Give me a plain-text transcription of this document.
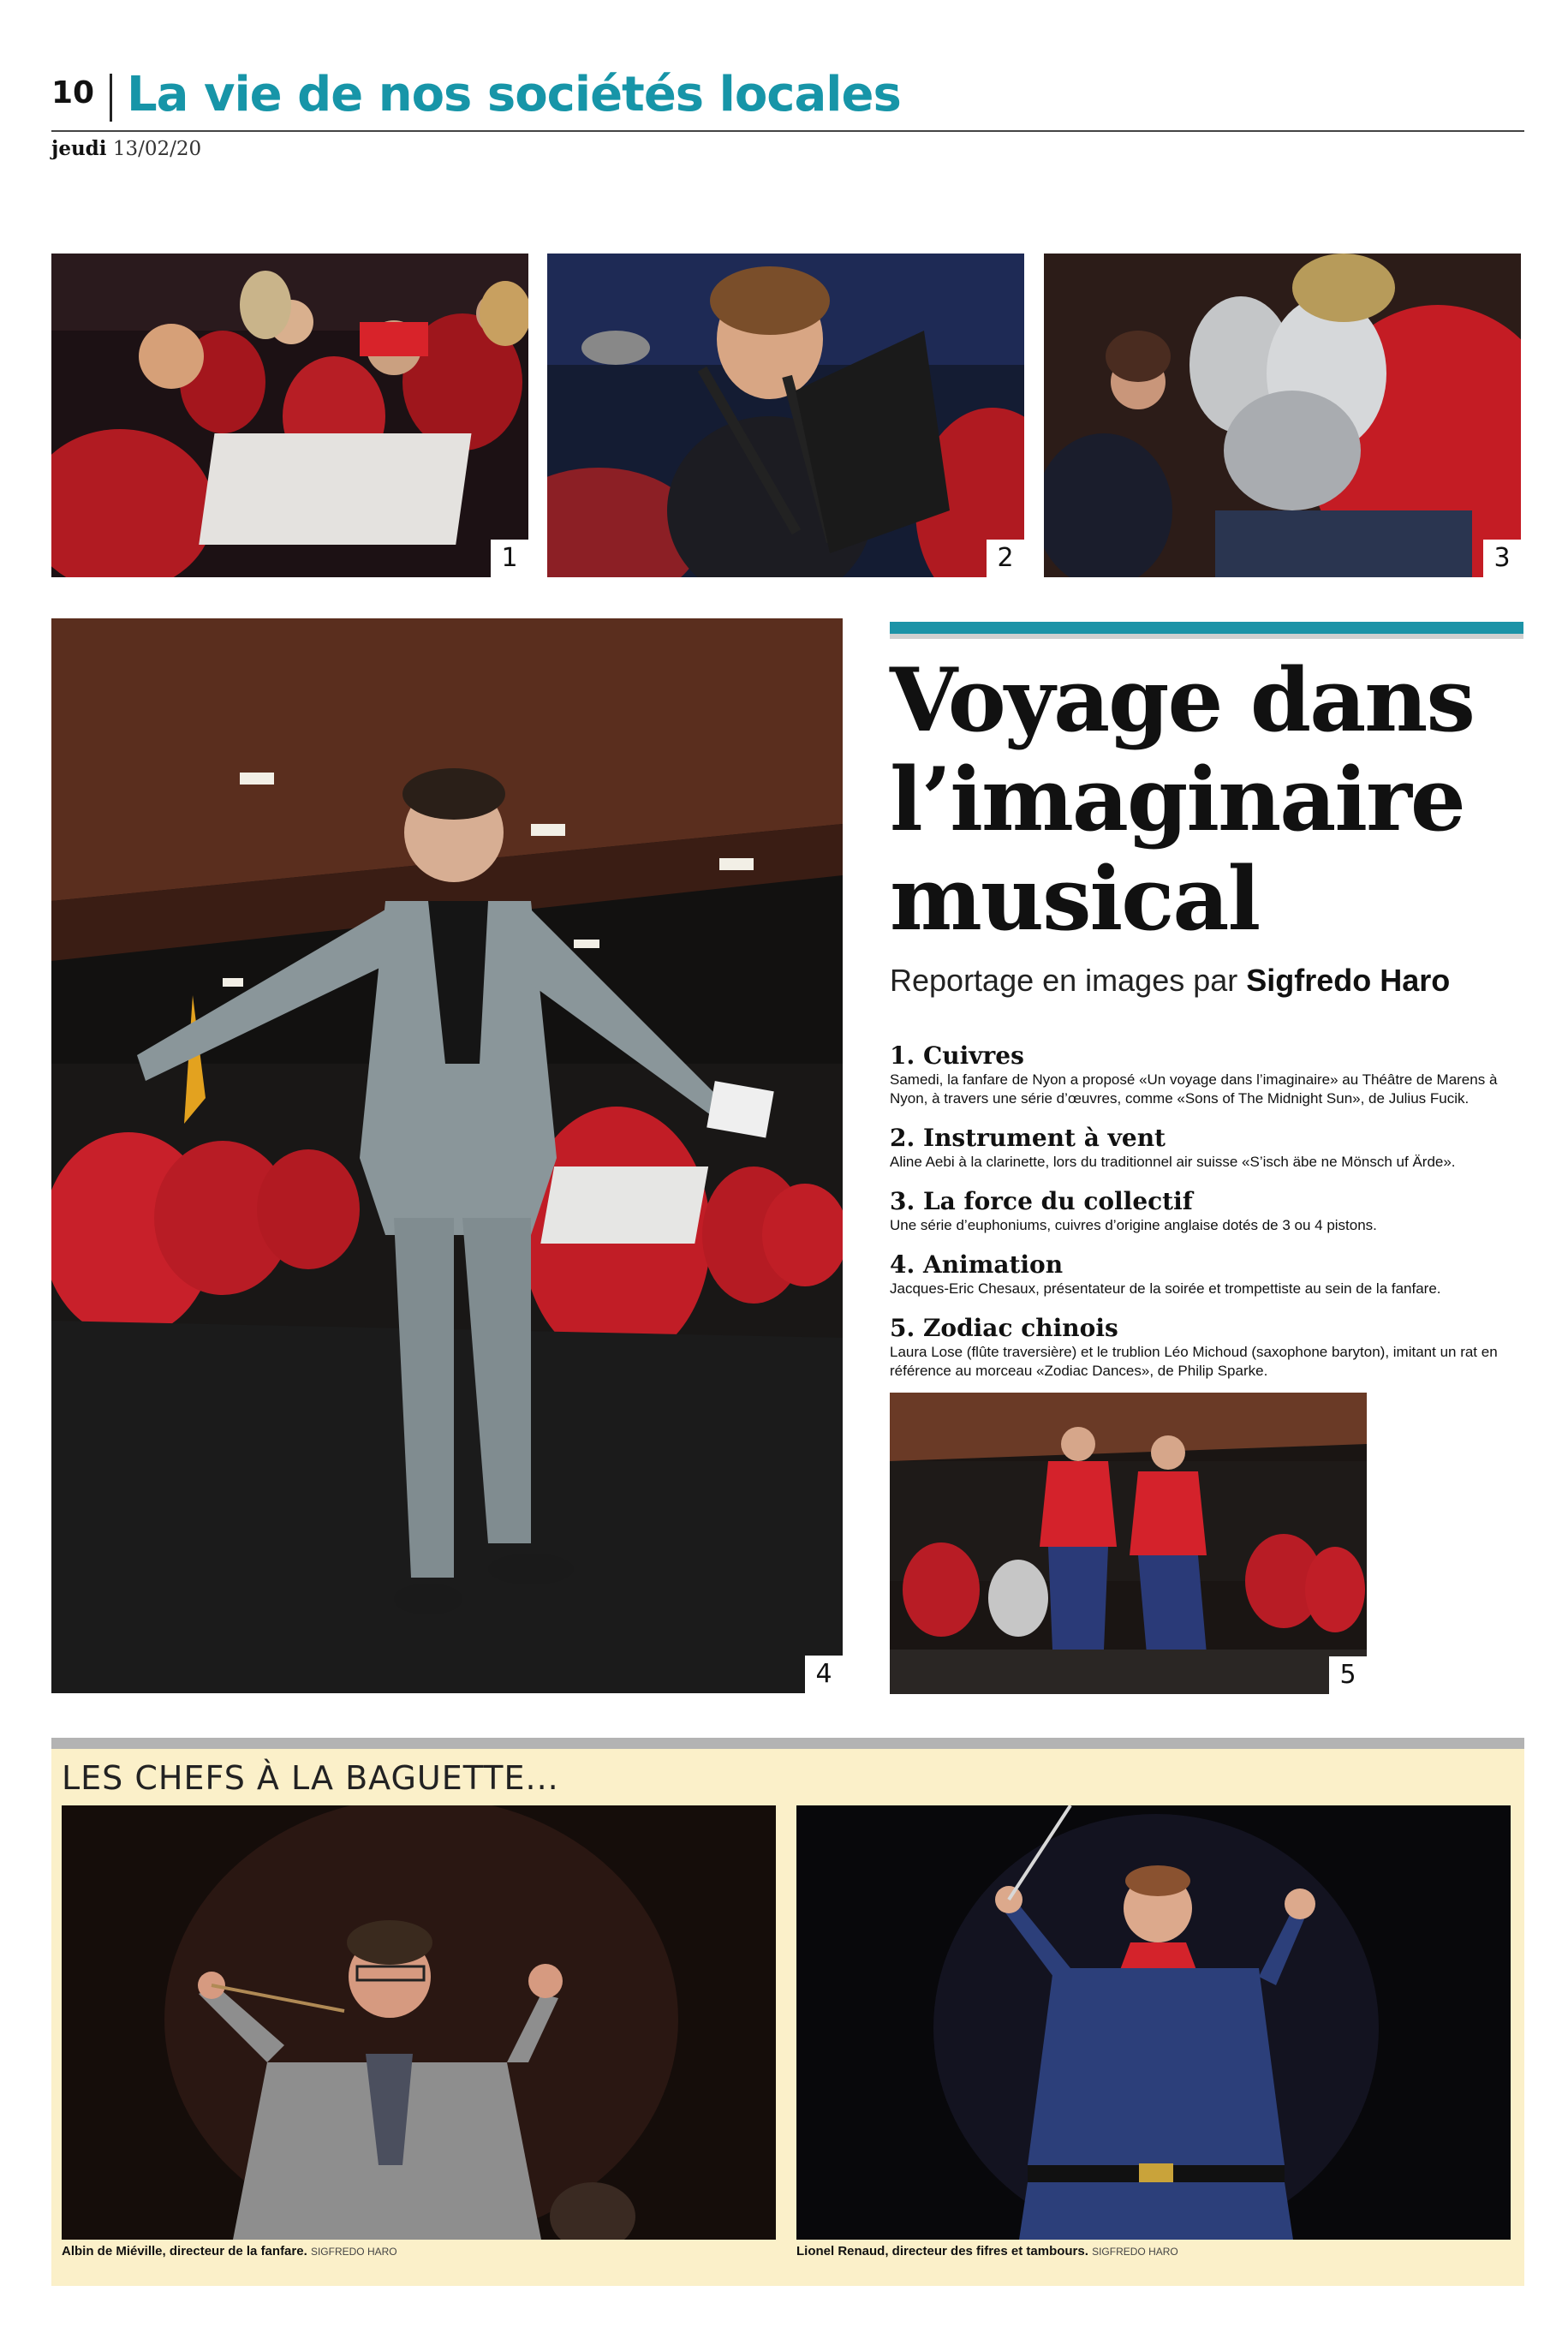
10 La vie de nos sociétés locales
jeudi 13/02/20
1	2	3
4
Voyage dans l’imaginaire musical
Reportage en images par Sigfredo Haro
1. Cuivres
Samedi, la fanfare de Nyon a proposé «Un voyage dans l’imaginaire» au Théâtre de Marens à Nyon, à travers une série d’œuvres, comme «Sons of The Midnight Sun», de Julius Fucik.
2. Instrument à vent
Aline Aebi à la clarinette, lors du traditionnel air suisse «S’isch äbe ne Mönsch uf Ärde».
3. La force du collectif
Une série d’euphoniums, cuivres d’origine anglaise dotés de 3 ou 4 pistons.
4. Animation
Jacques-Eric Chesaux, présentateur de la soirée et trompettiste au sein de la fanfare.
5. Zodiac chinois
Laura Lose (flûte traversière) et le trublion Léo Michoud (saxophone baryton), imitant un rat en référence au morceau «Zodiac Dances», de Philip Sparke.
5
LES CHEFS À LA BAGUETTE...
Albin de Miéville, directeur de la fanfare. SIGFREDO HARO	Lionel Renaud, directeur des fifres et tambours. SIGFREDO HARO
